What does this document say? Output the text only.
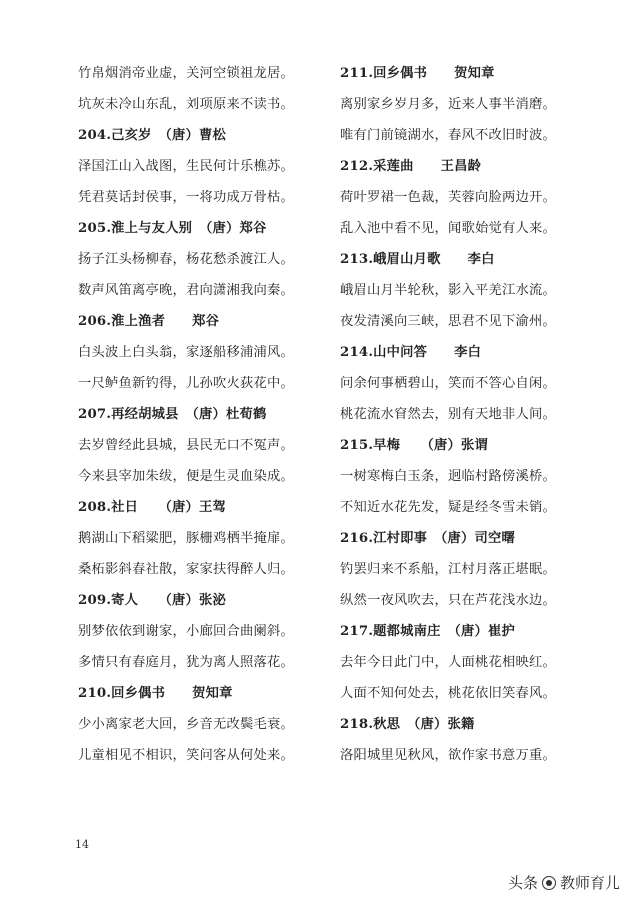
竹帛烟消帝业虚，关河空锁祖龙居。
坑灰未冷山东乱，刘项原来不读书。
204.己亥岁　（唐）曹松
泽国江山入战图，生民何计乐樵苏。
凭君莫话封侯事，一将功成万骨枯。
205.淮上与友人别　（唐）郑谷
扬子江头杨柳春，杨花愁杀渡江人。
数声风笛离亭晚，君向潇湘我向秦。
206.淮上渔者　　郑谷
白头波上白头翁，家逐船移浦浦风。
一尺鲈鱼新钓得，儿孙吹火荻花中。
207.再经胡城县　（唐）杜荀鹤
去岁曾经此县城，县民无口不冤声。
今来县宰加朱绂，便是生灵血染成。
208.社日　　（唐）王驾
鹅湖山下稻粱肥，豚栅鸡栖半掩扉。
桑柘影斜春社散，家家扶得醉人归。
209.寄人　　（唐）张泌
别梦依依到谢家，小廊回合曲阑斜。
多情只有春庭月，犹为离人照落花。
210.回乡偶书　　贺知章
少小离家老大回，乡音无改鬓毛衰。
儿童相见不相识，笑问客从何处来。
211.回乡偶书　　贺知章
离别家乡岁月多，近来人事半消磨。
唯有门前镜湖水，春风不改旧时波。
212.采莲曲　　王昌龄
荷叶罗裙一色裁，芙蓉向脸两边开。
乱入池中看不见，闻歌始觉有人来。
213.峨眉山月歌　　李白
峨眉山月半轮秋，影入平羌江水流。
夜发清溪向三峡，思君不见下渝州。
214.山中问答　　李白
问余何事栖碧山，笑而不答心自闲。
桃花流水窅然去，别有天地非人间。
215.早梅　　（唐）张谓
一树寒梅白玉条，迥临村路傍溪桥。
不知近水花先发，疑是经冬雪未销。
216.江村即事　（唐）司空曙
钓罢归来不系船，江村月落正堪眠。
纵然一夜风吹去，只在芦花浅水边。
217.题都城南庄　（唐）崔护
去年今日此门中，人面桃花相映红。
人面不知何处去，桃花依旧笑春风。
218.秋思　（唐）张籍
洛阳城里见秋风，欲作家书意万重。
14
头条 教师育儿
